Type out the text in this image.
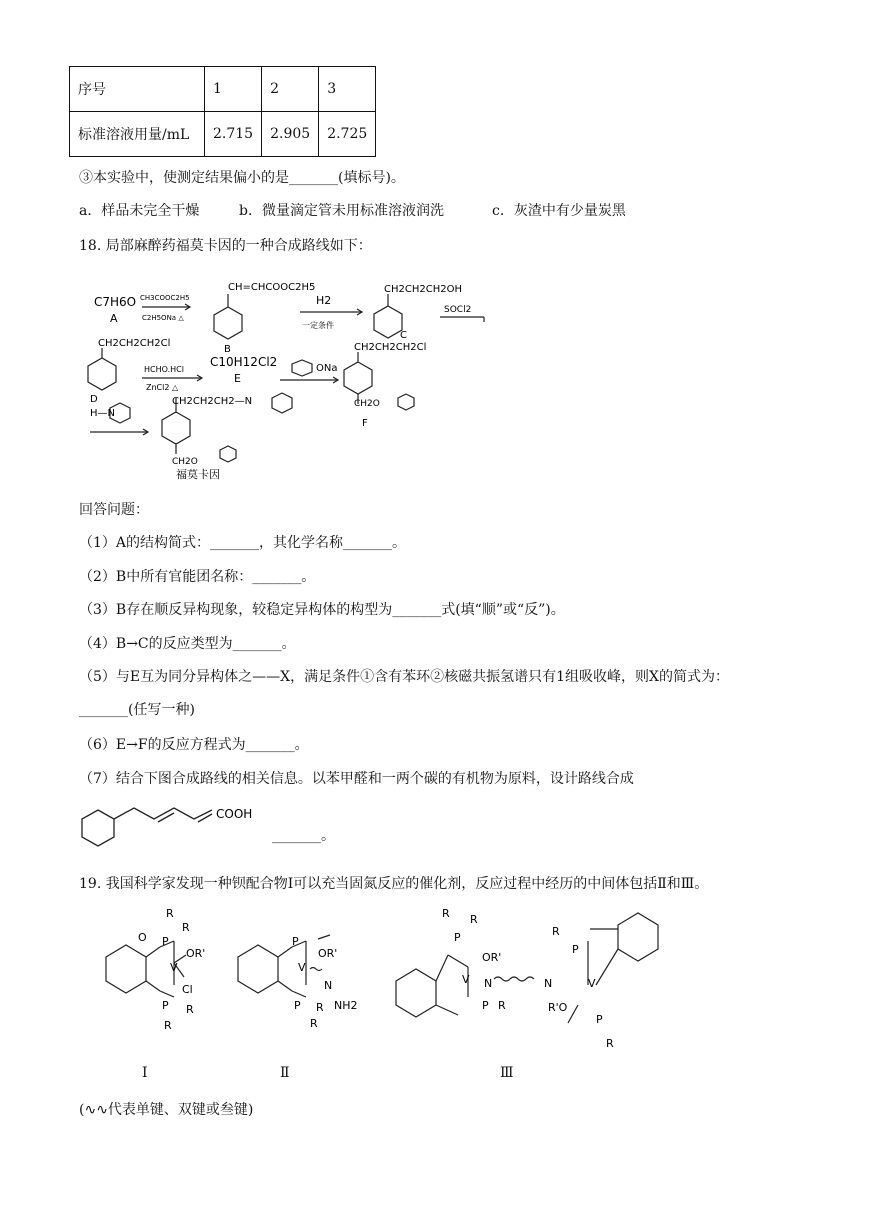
序号	1	2	3
标准溶液用量/mL	2.715	2.905	2.725
③本实验中，使测定结果偏小的是_______(填标号)。
a．样品未完全干燥	b．微量滴定管未用标准溶液润洗	c．灰渣中有少量炭黑
18. 局部麻醉药福莫卡因的一种合成路线如下：
C7H6O
A
CH3COOC2H5
C2H5ONa △
CH=CHCOOC2H5
B
H2
一定条件
CH2CH2CH2OH
C
SOCl2
CH2CH2CH2Cl
D
HCHO.HCl
ZnCl2 △
C10H12Cl2
E
ONa
CH2CH2CH2Cl
CH2O
F
H—N
CH2CH2CH2—N
CH2O
福莫卡因
回答问题：
（1）A的结构简式：_______，其化学名称_______。
（2）B中所有官能团名称：_______。
（3）B存在顺反异构现象，较稳定异构体的构型为_______式(填“顺”或“反”)。
（4）B→C的反应类型为_______。
（5）与E互为同分异构体之——X，满足条件①含有苯环②核磁共振氢谱只有1组吸收峰，则X的简式为：
_______(任写一种)
（6）E→F的反应方程式为_______。
（7）结合下图合成路线的相关信息。以苯甲醛和一两个碳的有机物为原料，设计路线合成
COOH
_______。
19. 我国科学家发现一种钡配合物Ⅰ可以充当固氮反应的催化剂，反应过程中经历的中间体包括Ⅱ和Ⅲ。
R
P
R
O
V
OR'
Cl
P R
R
P
V
OR'
N
NH2
P R
R
R R
P
OR'
V N	N
P R
R
P
V
R'O
P
R
Ⅰ	Ⅱ	Ⅲ
(∿∿代表单键、双键或叁键)
